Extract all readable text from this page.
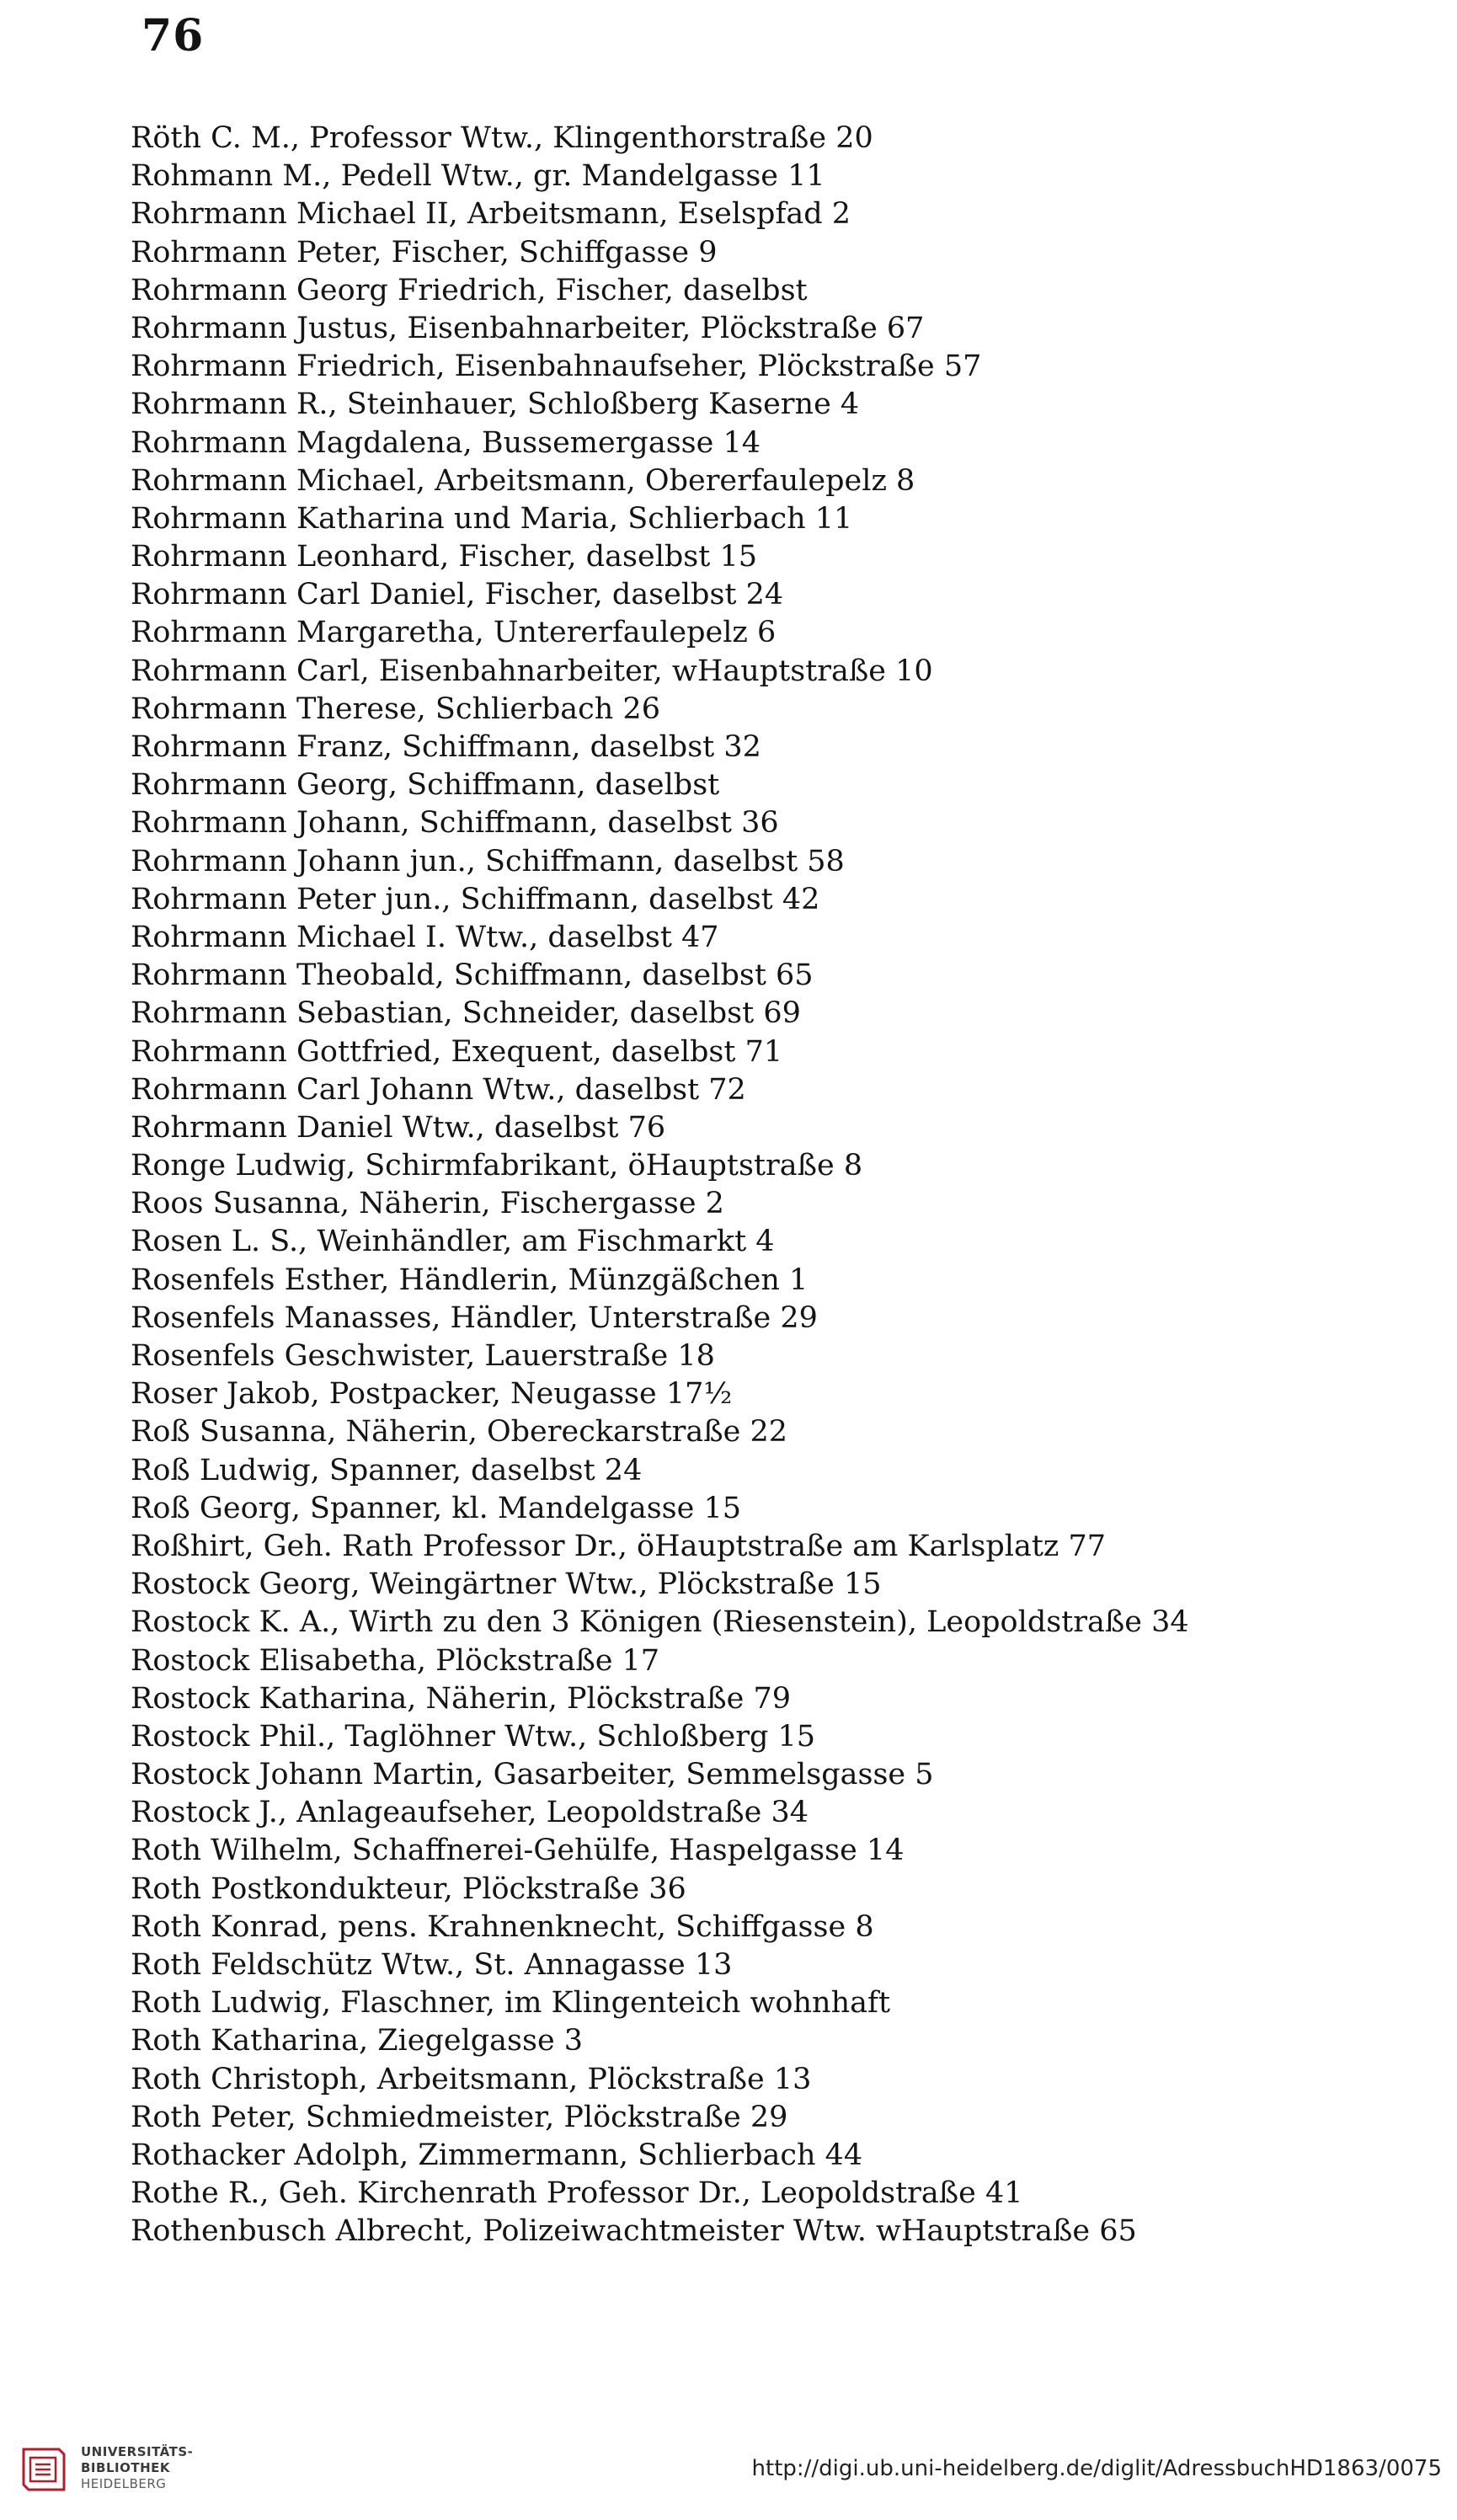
76
Röth C. M., Professor Wtw., Klingenthorstraße 20
Rohmann M., Pedell Wtw., gr. Mandelgasse 11
Rohrmann Michael II, Arbeitsmann, Eselspfad 2
Rohrmann Peter, Fischer, Schiffgasse 9
Rohrmann Georg Friedrich, Fischer, daselbst
Rohrmann Justus, Eisenbahnarbeiter, Plöckstraße 67
Rohrmann Friedrich, Eisenbahnaufseher, Plöckstraße 57
Rohrmann R., Steinhauer, Schloßberg Kaserne 4
Rohrmann Magdalena, Bussemergasse 14
Rohrmann Michael, Arbeitsmann, Obererfaulepelz 8
Rohrmann Katharina und Maria, Schlierbach 11
Rohrmann Leonhard, Fischer, daselbst 15
Rohrmann Carl Daniel, Fischer, daselbst 24
Rohrmann Margaretha, Untererfaulepelz 6
Rohrmann Carl, Eisenbahnarbeiter, wHauptstraße 10
Rohrmann Therese, Schlierbach 26
Rohrmann Franz, Schiffmann, daselbst 32
Rohrmann Georg, Schiffmann, daselbst
Rohrmann Johann, Schiffmann, daselbst 36
Rohrmann Johann jun., Schiffmann, daselbst 58
Rohrmann Peter jun., Schiffmann, daselbst 42
Rohrmann Michael I. Wtw., daselbst 47
Rohrmann Theobald, Schiffmann, daselbst 65
Rohrmann Sebastian, Schneider, daselbst 69
Rohrmann Gottfried, Exequent, daselbst 71
Rohrmann Carl Johann Wtw., daselbst 72
Rohrmann Daniel Wtw., daselbst 76
Ronge Ludwig, Schirmfabrikant, öHauptstraße 8
Roos Susanna, Näherin, Fischergasse 2
Rosen L. S., Weinhändler, am Fischmarkt 4
Rosenfels Esther, Händlerin, Münzgäßchen 1
Rosenfels Manasses, Händler, Unterstraße 29
Rosenfels Geschwister, Lauerstraße 18
Roser Jakob, Postpacker, Neugasse 17½
Roß Susanna, Näherin, Obereckarstraße 22
Roß Ludwig, Spanner, daselbst 24
Roß Georg, Spanner, kl. Mandelgasse 15
Roßhirt, Geh. Rath Professor Dr., öHauptstraße am Karlsplatz 77
Rostock Georg, Weingärtner Wtw., Plöckstraße 15
Rostock K. A., Wirth zu den 3 Königen (Riesenstein), Leopoldstraße 34
Rostock Elisabetha, Plöckstraße 17
Rostock Katharina, Näherin, Plöckstraße 79
Rostock Phil., Taglöhner Wtw., Schloßberg 15
Rostock Johann Martin, Gasarbeiter, Semmelsgasse 5
Rostock J., Anlageaufseher, Leopoldstraße 34
Roth Wilhelm, Schaffnerei-Gehülfe, Haspelgasse 14
Roth Postkondukteur, Plöckstraße 36
Roth Konrad, pens. Krahnenknecht, Schiffgasse 8
Roth Feldschütz Wtw., St. Annagasse 13
Roth Ludwig, Flaschner, im Klingenteich wohnhaft
Roth Katharina, Ziegelgasse 3
Roth Christoph, Arbeitsmann, Plöckstraße 13
Roth Peter, Schmiedmeister, Plöckstraße 29
Rothacker Adolph, Zimmermann, Schlierbach 44
Rothe R., Geh. Kirchenrath Professor Dr., Leopoldstraße 41
Rothenbusch Albrecht, Polizeiwachtmeister Wtw. wHauptstraße 65
UNIVERSITÄTS-
BIBLIOTHEK
HEIDELBERG
http://digi.ub.uni-heidelberg.de/diglit/AdressbuchHD1863/0075
